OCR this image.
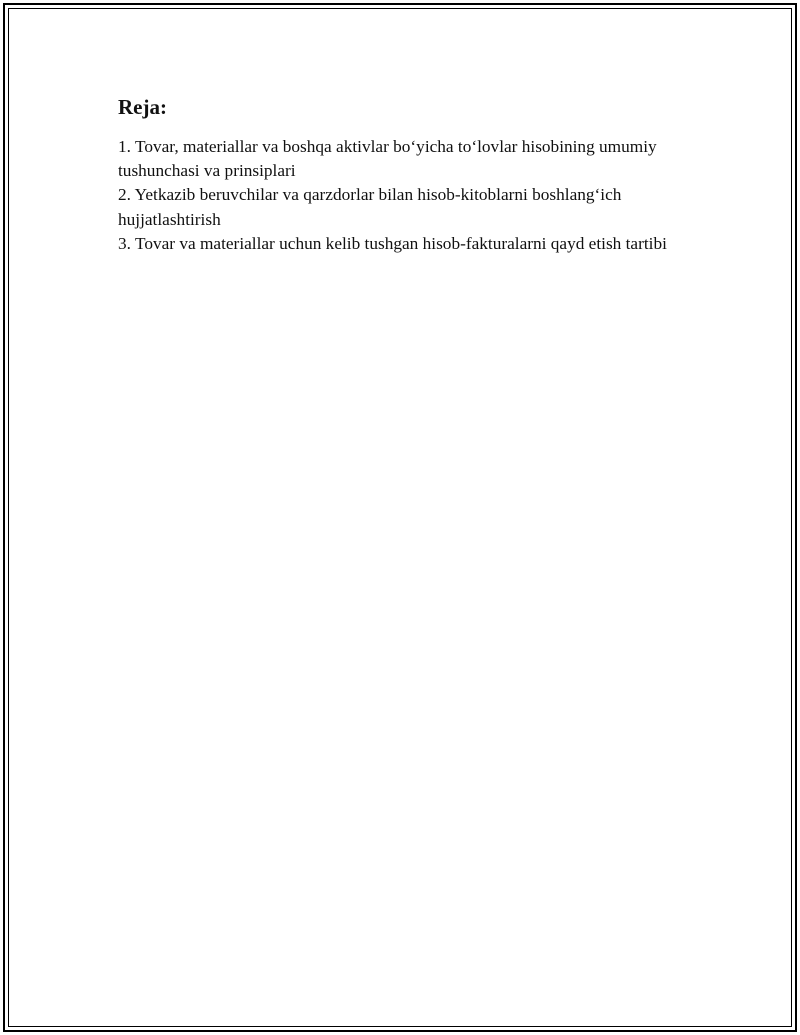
Reja:
1. Tovar, materiallar va boshqa aktivlar bo‘yicha to‘lovlar hisobining umumiy tushunchasi va prinsiplari
2. Yetkazib beruvchilar va qarzdorlar bilan hisob-kitoblarni boshlang‘ich hujjatlashtirish
3. Tovar va materiallar uchun kelib tushgan hisob-fakturalarni qayd etish tartibi
